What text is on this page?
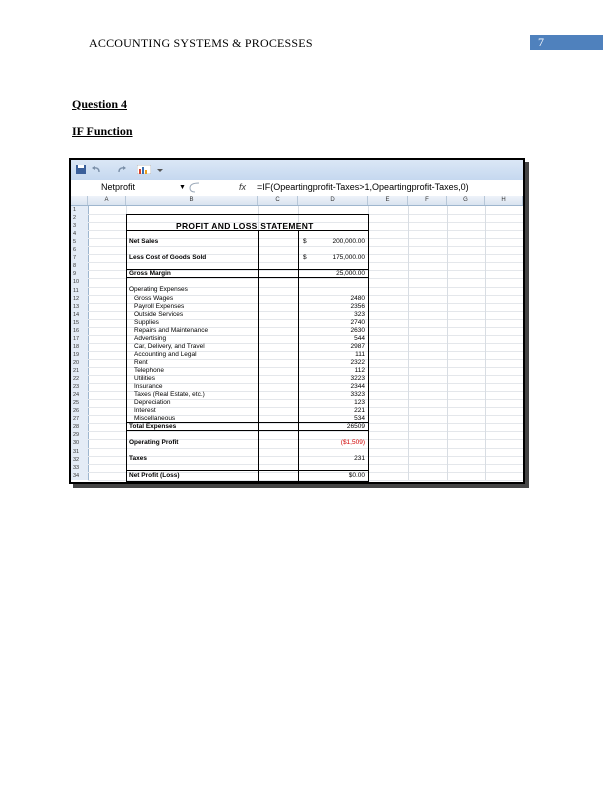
ACCOUNTING SYSTEMS & PROCESSES	7
Question 4
IF Function
Netprofit	▼	fx =IF(Opeartingprofit-Taxes>1,Opeartingprofit-Taxes,0)
A	B	C	D	E	F	G	H
1
2
3
4
5
6
7
8
9
10
11
12
13
14
15
16
17
18
19
20
21
22
23
24
25
26
27
28
29
30
31
32
33
34
PROFIT AND LOSS STATEMENT
Net Sales	$	200,000.00
Less Cost of Goods Sold	$	175,000.00
Gross Margin	25,000.00
Operating Expenses
Gross Wages	2480
Payroll Expenses	2356
Outside Services	323
Supplies	2740
Repairs and Maintenance	2630
Advertising	544
Car, Delivery, and Travel	2987
Accounting and Legal	111
Rent	2322
Telephone	112
Utilities	3223
Insurance	2344
Taxes (Real Estate, etc.)	3323
Depreciation	123
Interest	221
Miscellaneous	534
Total Expenses	26509
Operating Profit	($1,509)
Taxes	231
Net Profit (Loss)	$0.00
